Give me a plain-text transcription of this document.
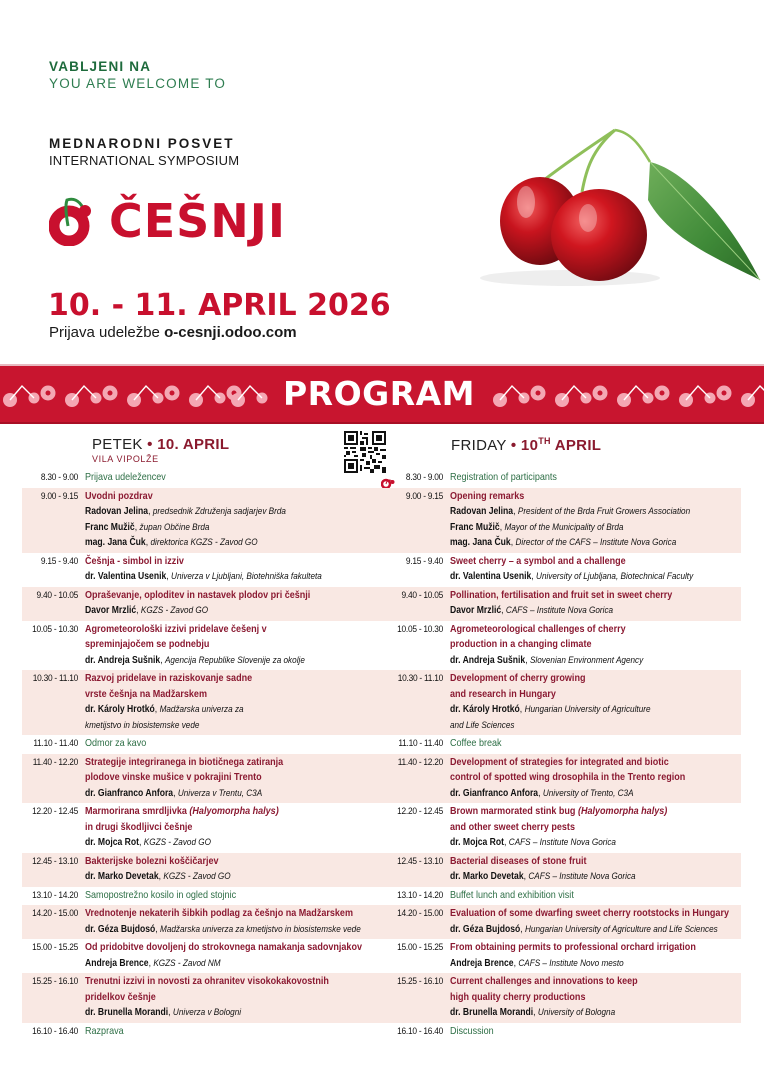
VABLJENI NA
YOU ARE WELCOME TO
MEDNARODNI POSVET
INTERNATIONAL SYMPOSIUM
ČEŠNJI
10. - 11. APRIL 2026
Prijava udeležbe o-cesnji.odoo.com
PROGRAM
PETEK • 10. APRIL
VILA VIPOLŽE
8.30 - 9.00 Prijava udeležencev
9.00 - 9.15 Uvodni pozdrav
Radovan Jelina, predsednik Združenja sadjarjev Brda
Franc Mužič, župan Občine Brda
mag. Jana Čuk, direktorica KGZS - Zavod GO
9.15 - 9.40 Češnja - simbol in izziv
dr. Valentina Usenik, Univerza v Ljubljani, Biotehniška fakulteta
9.40 - 10.05 Opraševanje, oploditev in nastavek plodov pri češnji
Davor Mrzlić, KGZS - Zavod GO
10.05 - 10.30 Agrometeorološki izzivi pridelave češenj v
spreminjajočem se podnebju
dr. Andreja Sušnik, Agencija Republike Slovenije za okolje
10.30 - 11.10 Razvoj pridelave in raziskovanje sadne
vrste češnja na Madžarskem
dr. Károly Hrotkó, Madžarska univerza za
kmetijstvo in biosistemske vede
11.10 - 11.40 Odmor za kavo
11.40 - 12.20 Strategije integriranega in biotičnega zatiranja
plodove vinske mušice v pokrajini Trento
dr. Gianfranco Anfora, Univerza v Trentu, C3A
12.20 - 12.45 Marmorirana smrdljivka (Halyomorpha halys)
in drugi škodljivci češnje
dr. Mojca Rot, KGZS - Zavod GO
12.45 - 13.10 Bakterijske bolezni koščičarjev
dr. Marko Devetak, KGZS - Zavod GO
13.10 - 14.20 Samopostrežno kosilo in ogled stojnic
14.20 - 15.00 Vrednotenje nekaterih šibkih podlag za češnjo na Madžarskem
dr. Géza Bujdosó, Madžarska univerza za kmetijstvo in biosistemske vede
15.00 - 15.25 Od pridobitve dovoljenj do strokovnega namakanja sadovnjakov
Andreja Brence, KGZS - Zavod NM
15.25 - 16.10 Trenutni izzivi in novosti za ohranitev visokokakovostnih
pridelkov češnje
dr. Brunella Morandi, Univerza v Bologni
16.10 - 16.40 Razprava
FRIDAY • 10TH APRIL
8.30 - 9.00 Registration of participants
9.00 - 9.15 Opening remarks
Radovan Jelina, President of the Brda Fruit Growers Association
Franc Mužič, Mayor of the Municipality of Brda
mag. Jana Čuk, Director of the CAFS – Institute Nova Gorica
9.15 - 9.40 Sweet cherry – a symbol and a challenge
dr. Valentina Usenik, University of Ljubljana, Biotechnical Faculty
9.40 - 10.05 Pollination, fertilisation and fruit set in sweet cherry
Davor Mrzlić, CAFS – Institute Nova Gorica
10.05 - 10.30 Agrometeorological challenges of cherry
production in a changing climate
dr. Andreja Sušnik, Slovenian Environment Agency
10.30 - 11.10 Development of cherry growing
and research in Hungary
dr. Károly Hrotkó, Hungarian University of Agriculture
and Life Sciences
11.10 - 11.40 Coffee break
11.40 - 12.20 Development of strategies for integrated and biotic
control of spotted wing drosophila in the Trento region
dr. Gianfranco Anfora, University of Trento, C3A
12.20 - 12.45 Brown marmorated stink bug (Halyomorpha halys)
and other sweet cherry pests
dr. Mojca Rot, CAFS – Institute Nova Gorica
12.45 - 13.10 Bacterial diseases of stone fruit
dr. Marko Devetak, CAFS – Institute Nova Gorica
13.10 - 14.20 Buffet lunch and exhibition visit
14.20 - 15.00 Evaluation of some dwarfing sweet cherry rootstocks in Hungary
dr. Géza Bujdosó, Hungarian University of Agriculture and Life Sciences
15.00 - 15.25 From obtaining permits to professional orchard irrigation
Andreja Brence, CAFS – Institute Novo mesto
15.25 - 16.10 Current challenges and innovations to keep
high quality cherry productions
dr. Brunella Morandi, University of Bologna
16.10 - 16.40 Discussion
